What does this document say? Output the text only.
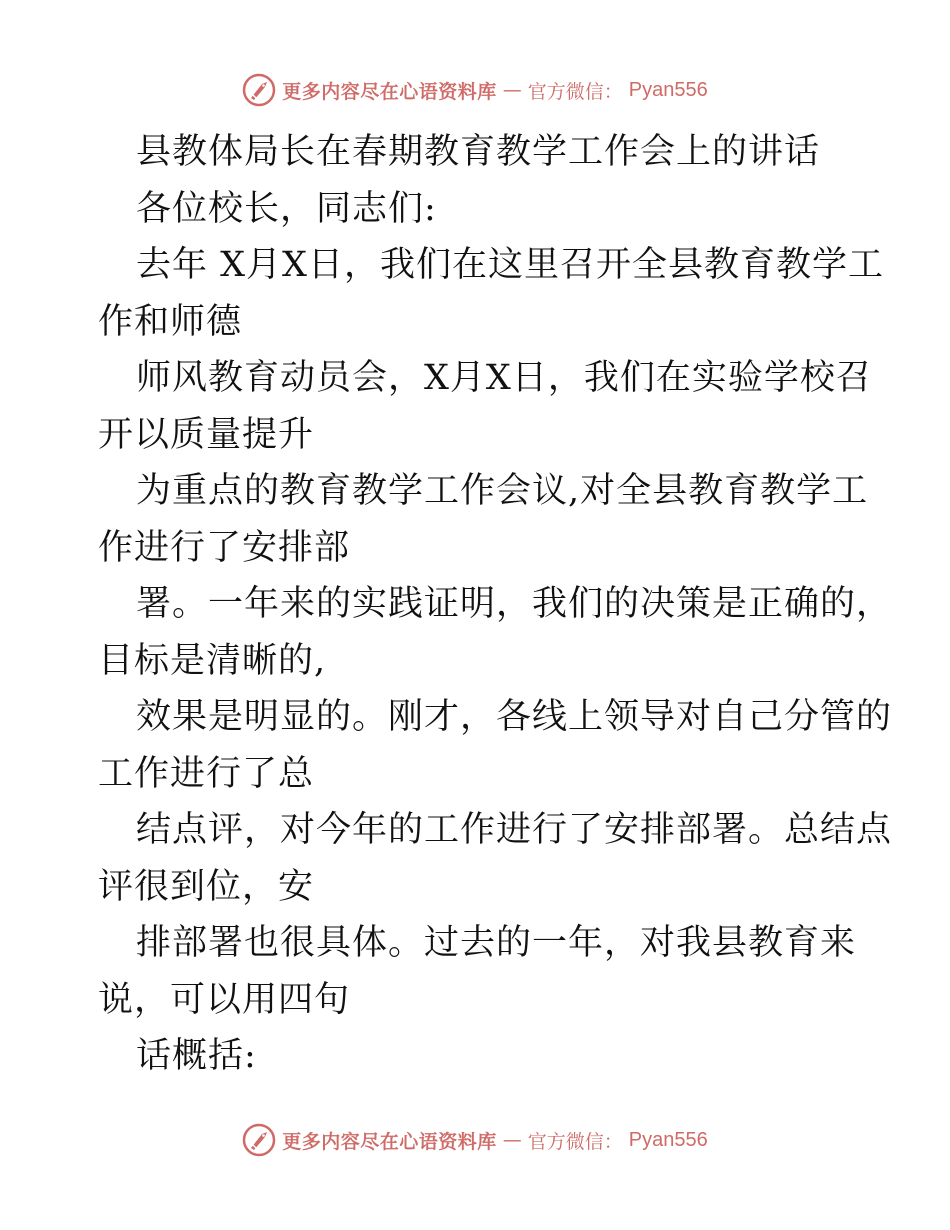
更多内容尽在心语资料库 — 官方微信： Pyan556
县教体局长在春期教育教学工作会上的讲话
各位校长，同志们:
去年 X月X日，我们在这里召开全县教育教学工
作和师德
师风教育动员会，X月X日，我们在实验学校召
开以质量提升
为重点的教育教学工作会议,对全县教育教学工
作进行了安排部
署。一年来的实践证明，我们的决策是正确的，
目标是清晰的,
效果是明显的。刚才，各线上领导对自己分管的
工作进行了总
结点评，对今年的工作进行了安排部署。总结点
评很到位，安
排部署也很具体。过去的一年，对我县教育来
说，可以用四句
话概括:
更多内容尽在心语资料库 — 官方微信： Pyan556
